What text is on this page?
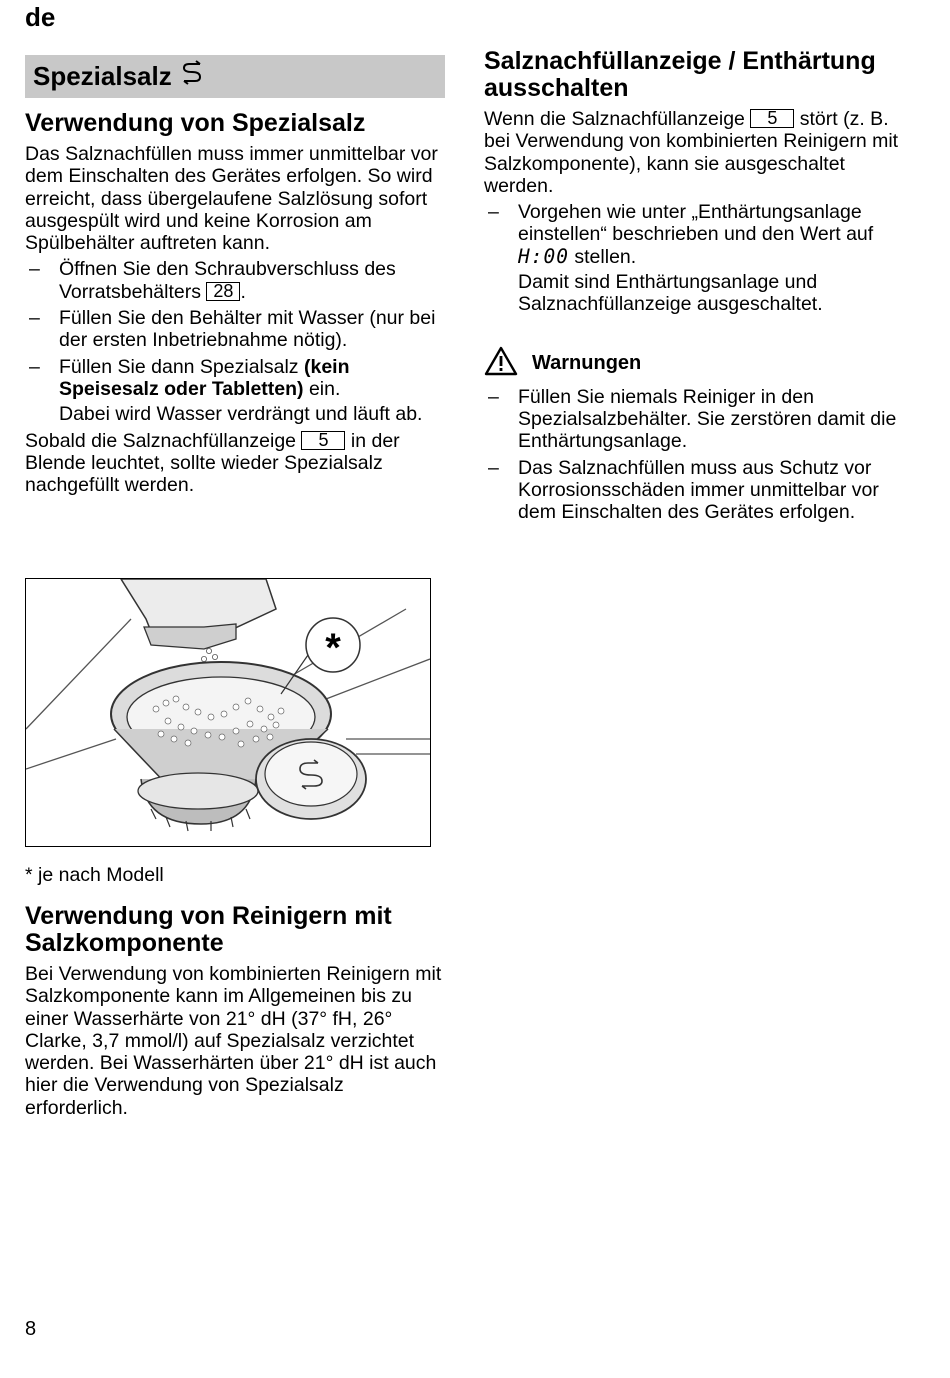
de
Spezialsalz
Verwendung von Spezialsalz

Das Salznachfüllen muss immer unmittelbar vor dem Einschalten des Gerätes erfolgen. So wird erreicht, dass übergelaufene Salzlösung sofort ausgespült wird und keine Korrosion am Spülbehälter auftreten kann.

– Öffnen Sie den Schraubverschluss des Vorratsbehälters 28 .
– Füllen Sie den Behälter mit Wasser (nur bei der ersten Inbetriebnahme nötig).
– Füllen Sie dann Spezialsalz (kein Speisesalz oder Tabletten) ein.
Dabei wird Wasser verdrängt und läuft ab.

Sobald die Salznachfüllanzeige 5 in der Blende leuchtet, sollte wieder Spezialsalz nachgefüllt werden.

*
* je nach Modell
Verwendung von Reinigern mit Salzkomponente

Bei Verwendung von kombinierten Reinigern mit Salzkomponente kann im Allgemeinen bis zu einer Wasserhärte von 21° dH (37° fH, 26° Clarke, 3,7 mmol/l) auf Spezialsalz verzichtet werden. Bei Wasserhärten über 21° dH ist auch hier die Verwendung von Spezialsalz erforderlich.

Salznachfüllanzeige / Enthärtung ausschalten

Wenn die Salznachfüllanzeige 5 stört (z. B. bei Verwendung von kombinierten Reinigern mit Salzkomponente), kann sie ausgeschaltet werden.

– Vorgehen wie unter „Enthärtungsanlage einstellen“ beschrieben und den Wert auf H:00 stellen.
Damit sind Enthärtungsanlage und Salznachfüllanzeige ausgeschaltet.
Warnungen
– Füllen Sie niemals Reiniger in den Spezialsalzbehälter. Sie zerstören damit die Enthärtungsanlage.
– Das Salznachfüllen muss aus Schutz vor Korrosionsschäden immer unmittelbar vor dem Einschalten des Gerätes erfolgen.
8
